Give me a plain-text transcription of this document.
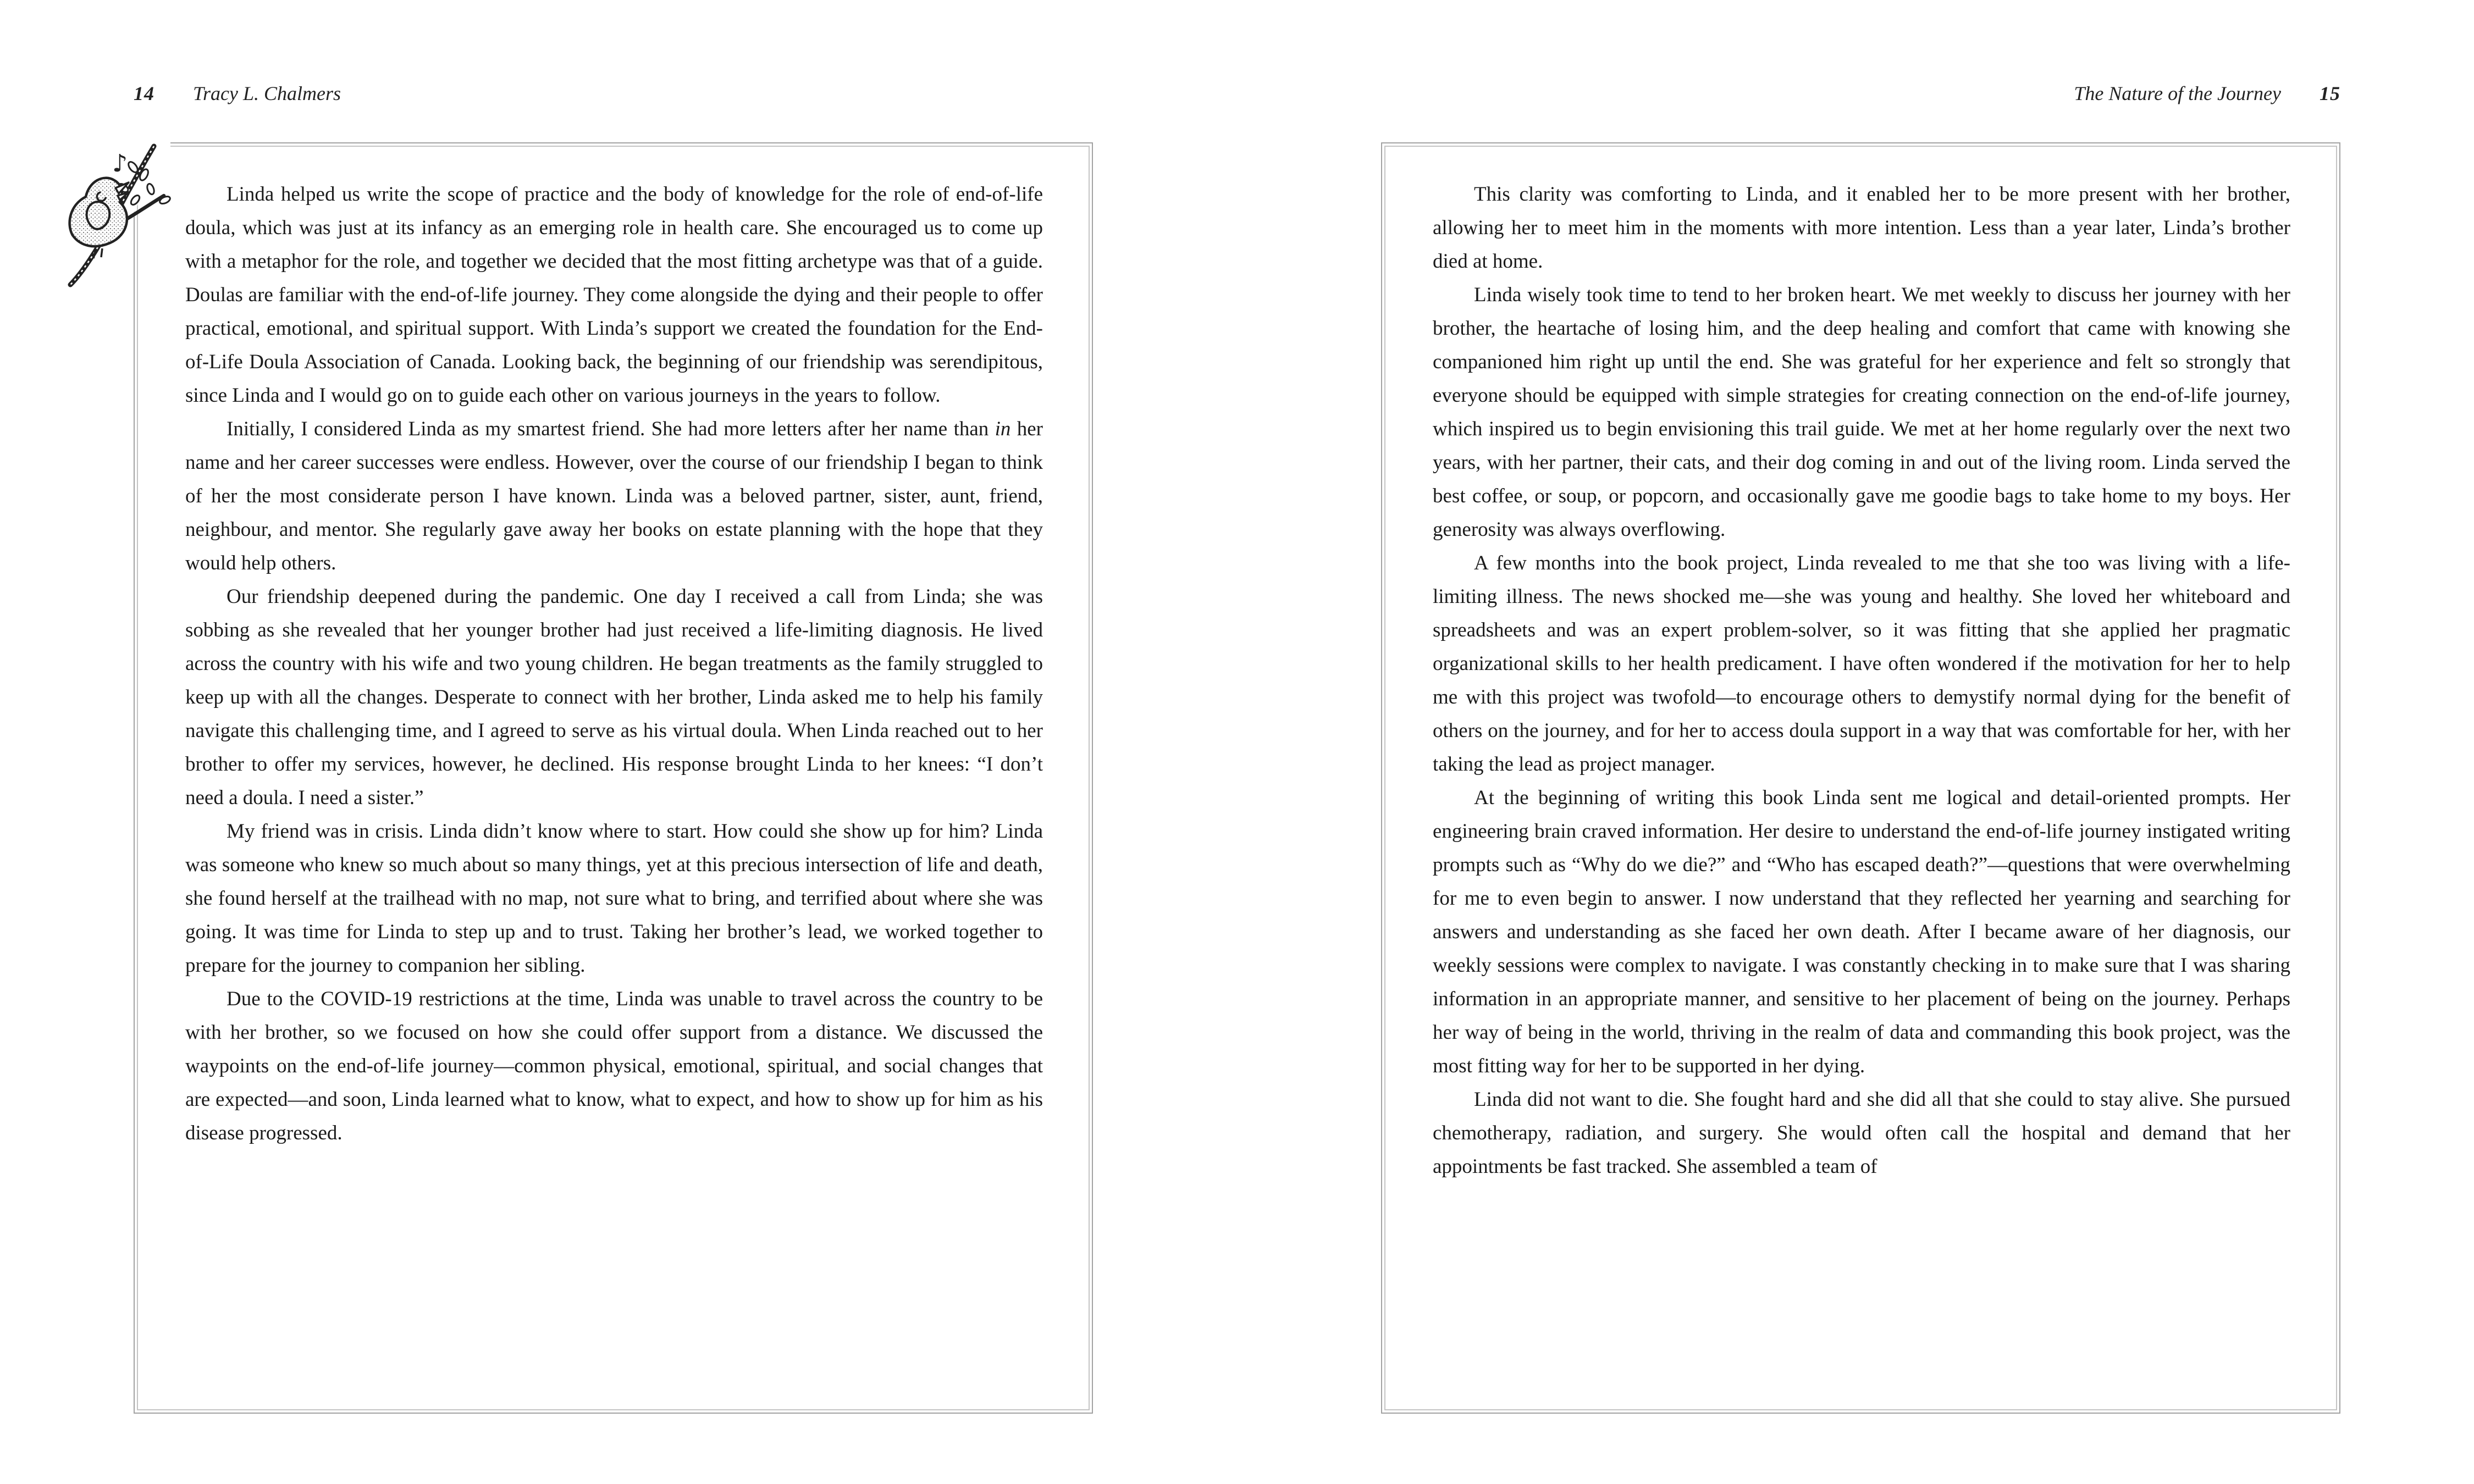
14 Tracy L. Chalmers	The Nature of the Journey 15

Linda helped us write the scope of practice and the body of knowledge for the role of end-of-life doula, which was just at its infancy as an emerging role in health care. She encouraged us to come up with a metaphor for the role, and together we decided that the most fitting archetype was that of a guide. Doulas are familiar with the end-of-life journey. They come alongside the dying and their people to offer practical, emotional, and spiritual support. With Linda’s support we created the foundation for the End-of-Life Doula Association of Canada. Looking back, the beginning of our friendship was serendipitous, since Linda and I would go on to guide each other on various journeys in the years to follow.

Initially, I considered Linda as my smartest friend. She had more letters after her name than in her name and her career successes were endless. However, over the course of our friendship I began to think of her the most considerate person I have known. Linda was a beloved partner, sister, aunt, friend, neighbour, and mentor. She regularly gave away her books on estate planning with the hope that they would help others.

Our friendship deepened during the pandemic. One day I received a call from Linda; she was sobbing as she revealed that her younger brother had just received a life-limiting diagnosis. He lived across the country with his wife and two young children. He began treatments as the family struggled to keep up with all the changes. Desperate to connect with her brother, Linda asked me to help his family navigate this challenging time, and I agreed to serve as his virtual doula. When Linda reached out to her brother to offer my services, however, he declined. His response brought Linda to her knees: “I don’t need a doula. I need a sister.”

My friend was in crisis. Linda didn’t know where to start. How could she show up for him? Linda was someone who knew so much about so many things, yet at this precious intersection of life and death, she found herself at the trailhead with no map, not sure what to bring, and terrified about where she was going. It was time for Linda to step up and to trust. Taking her brother’s lead, we worked together to prepare for the journey to companion her sibling.

Due to the COVID-19 restrictions at the time, Linda was unable to travel across the country to be with her brother, so we focused on how she could offer support from a distance. We discussed the waypoints on the end-of-life journey—common physical, emotional, spiritual, and social changes that are expected—and soon, Linda learned what to know, what to expect, and how to show up for him as his disease progressed.

This clarity was comforting to Linda, and it enabled her to be more present with her brother, allowing her to meet him in the moments with more intention. Less than a year later, Linda’s brother died at home.

Linda wisely took time to tend to her broken heart. We met weekly to discuss her journey with her brother, the heartache of losing him, and the deep healing and comfort that came with knowing she companioned him right up until the end. She was grateful for her experience and felt so strongly that everyone should be equipped with simple strategies for creating connection on the end-of-life journey, which inspired us to begin envisioning this trail guide. We met at her home regularly over the next two years, with her partner, their cats, and their dog coming in and out of the living room. Linda served the best coffee, or soup, or popcorn, and occasionally gave me goodie bags to take home to my boys. Her generosity was always overflowing.

A few months into the book project, Linda revealed to me that she too was living with a life-limiting illness. The news shocked me—she was young and healthy. She loved her whiteboard and spreadsheets and was an expert problem-solver, so it was fitting that she applied her pragmatic organizational skills to her health predicament. I have often wondered if the motivation for her to help me with this project was twofold—to encourage others to demystify normal dying for the benefit of others on the journey, and for her to access doula support in a way that was comfortable for her, with her taking the lead as project manager.

At the beginning of writing this book Linda sent me logical and detail-oriented prompts. Her engineering brain craved information. Her desire to understand the end-of-life journey instigated writing prompts such as “Why do we die?” and “Who has escaped death?”—questions that were overwhelming for me to even begin to answer. I now understand that they reflected her yearning and searching for answers and understanding as she faced her own death. After I became aware of her diagnosis, our weekly sessions were complex to navigate. I was constantly checking in to make sure that I was sharing information in an appropriate manner, and sensitive to her placement of being on the journey. Perhaps her way of being in the world, thriving in the realm of data and commanding this book project, was the most fitting way for her to be supported in her dying.

Linda did not want to die. She fought hard and she did all that she could to stay alive. She pursued chemotherapy, radiation, and surgery. She would often call the hospital and demand that her appointments be fast tracked. She assembled a team of

♪
